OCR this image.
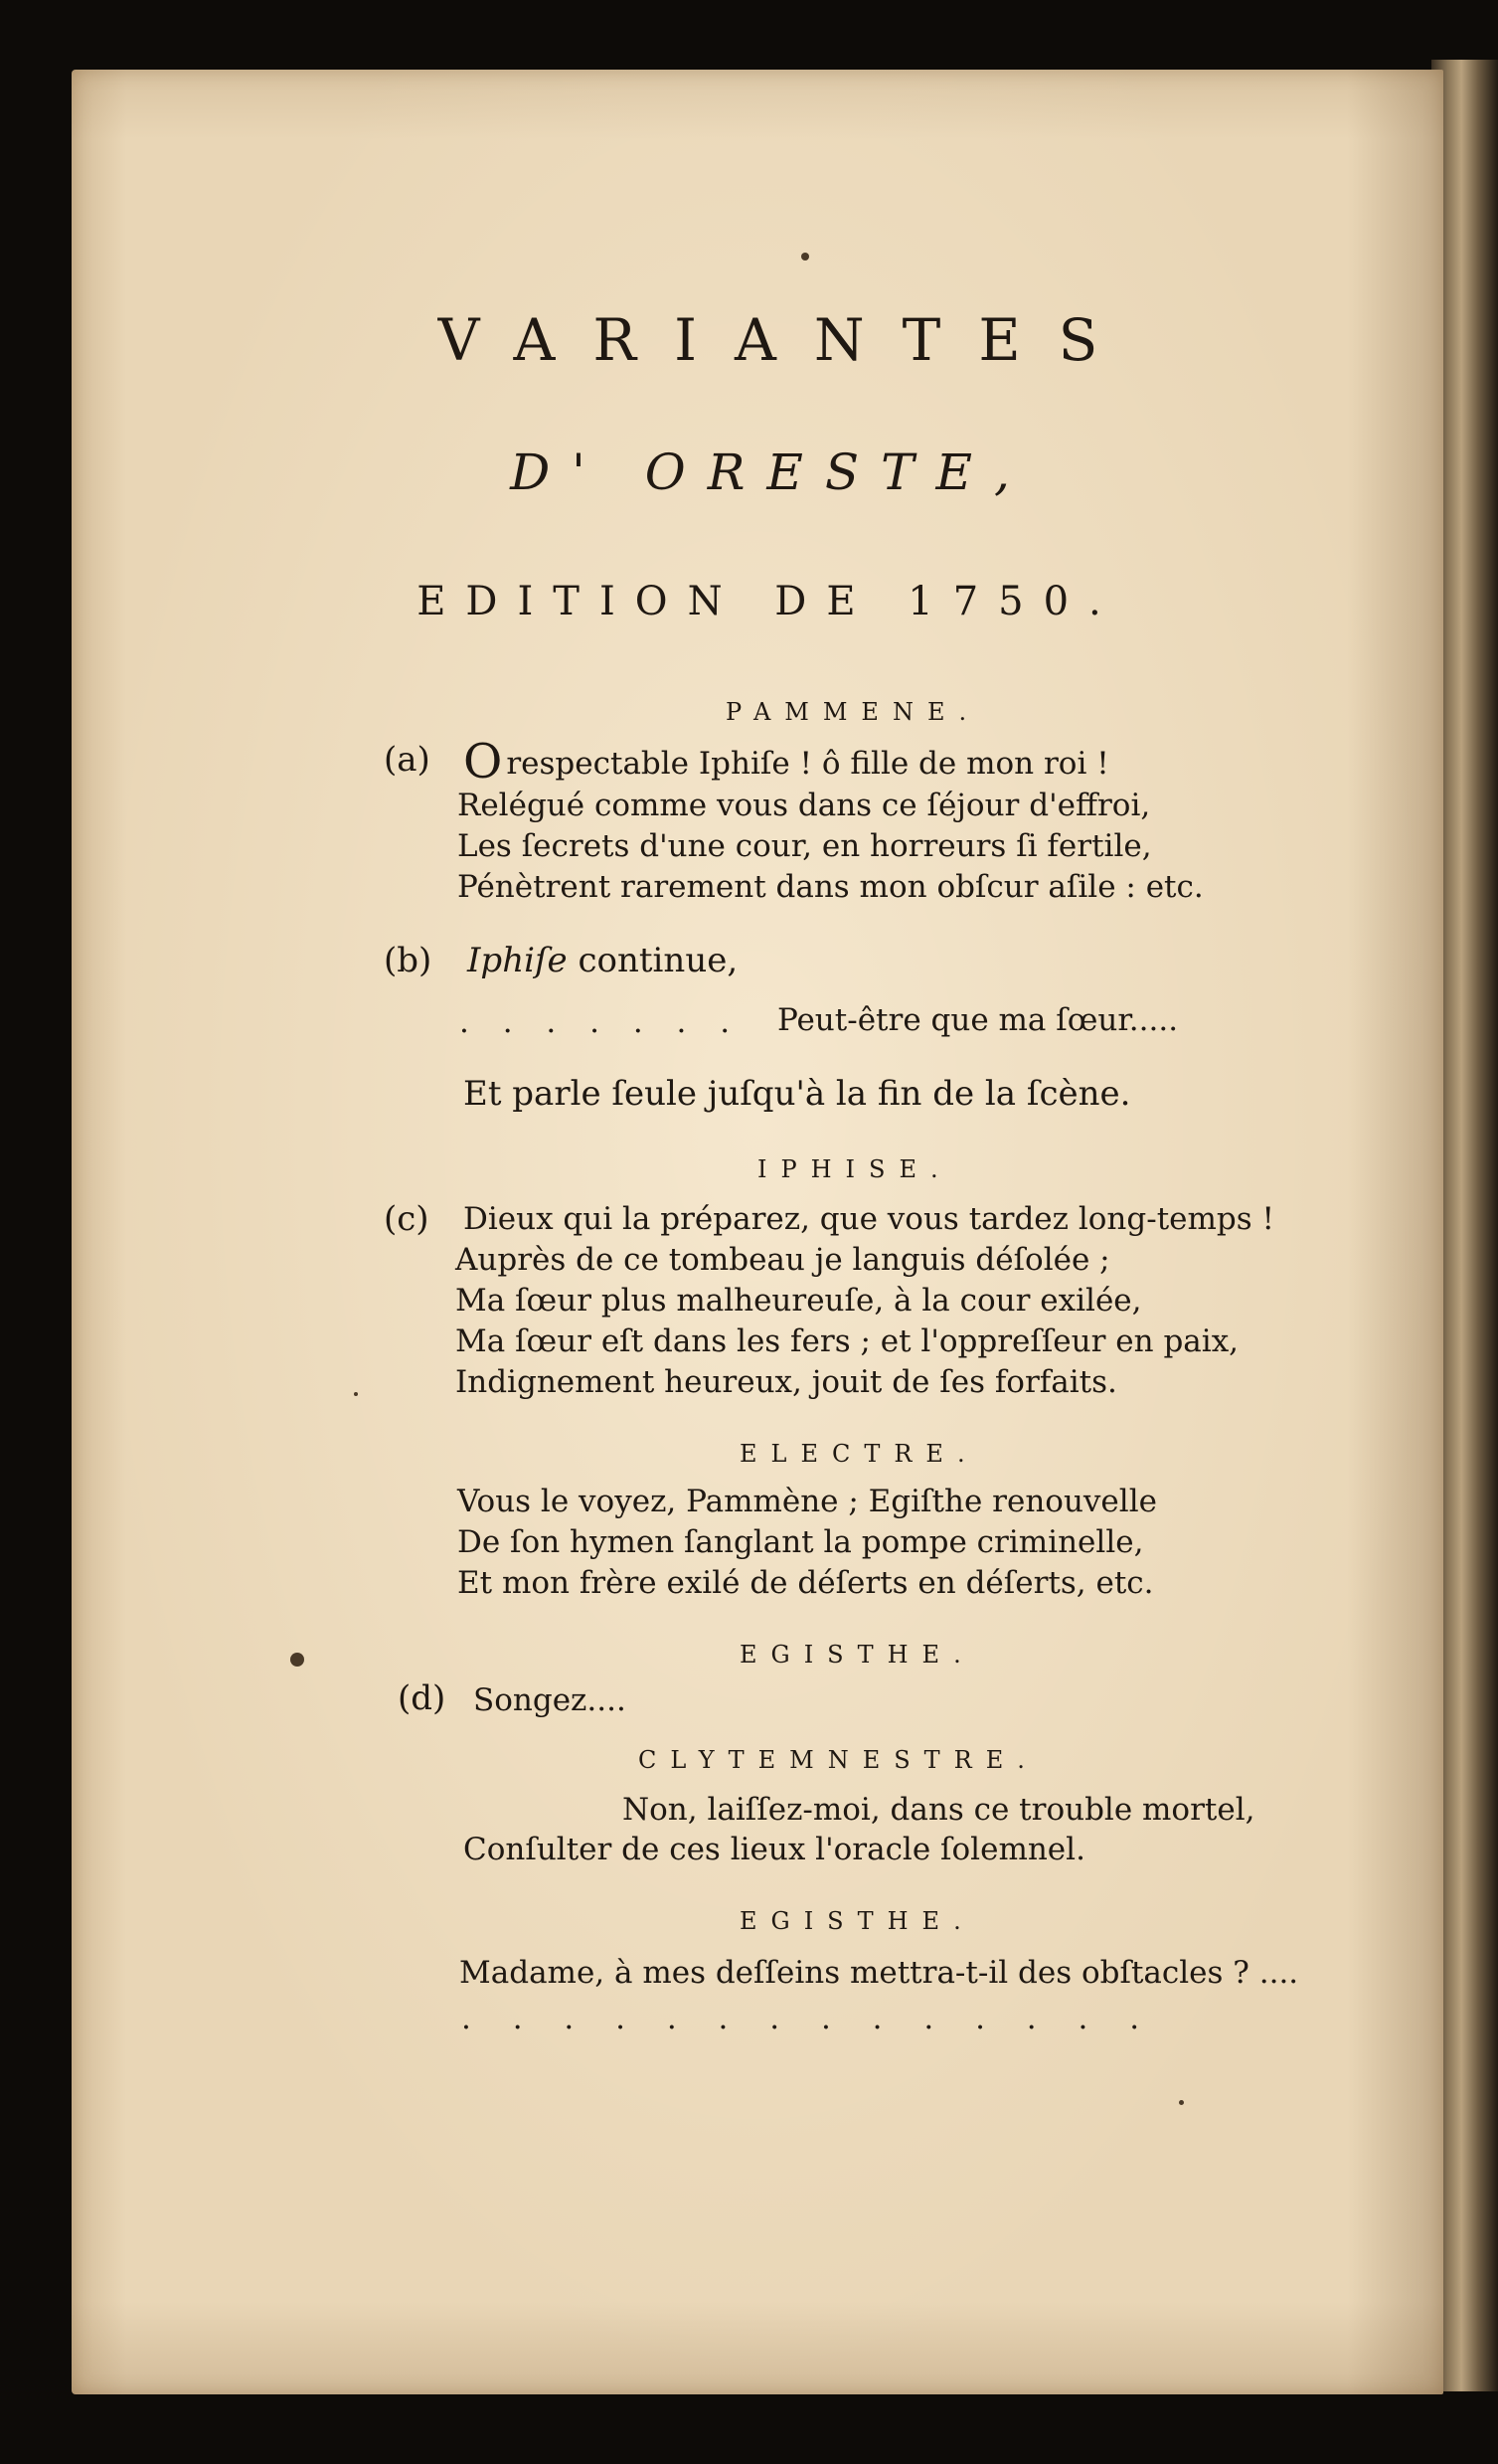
VARIANTES
D' ORESTE,
EDITION DE 1750.
PAMMENE.
(a) Orespectable Iphiſe ! ô fille de mon roi !
Relégué comme vous dans ce ſéjour d'effroi,
Les ſecrets d'une cour, en horreurs ſi fertile,
Pénètrent rarement dans mon obſcur aſile : etc.
(b) Iphiſe continue,
. . . . . . . Peut-être que ma ſœur.....
Et parle ſeule juſqu'à la fin de la ſcène.
IPHISE.
(c) Dieux qui la préparez, que vous tardez long-temps !
Auprès de ce tombeau je languis déſolée ;
Ma ſœur plus malheureuſe, à la cour exilée,
Ma ſœur eſt dans les fers ; et l'oppreſſeur en paix,
Indignement heureux, jouit de ſes forfaits.
ELECTRE.
Vous le voyez, Pammène ; Egiſthe renouvelle
De ſon hymen ſanglant la pompe criminelle,
Et mon frère exilé de déſerts en déſerts, etc.
EGISTHE.
(d) Songez....
CLYTEMNESTRE.
Non, laiſſez-moi, dans ce trouble mortel,
Conſulter de ces lieux l'oracle ſolemnel.
EGISTHE.
Madame, à mes deſſeins mettra-t-il des obſtacles ? ....
. . . . . . . . . . . . . .
